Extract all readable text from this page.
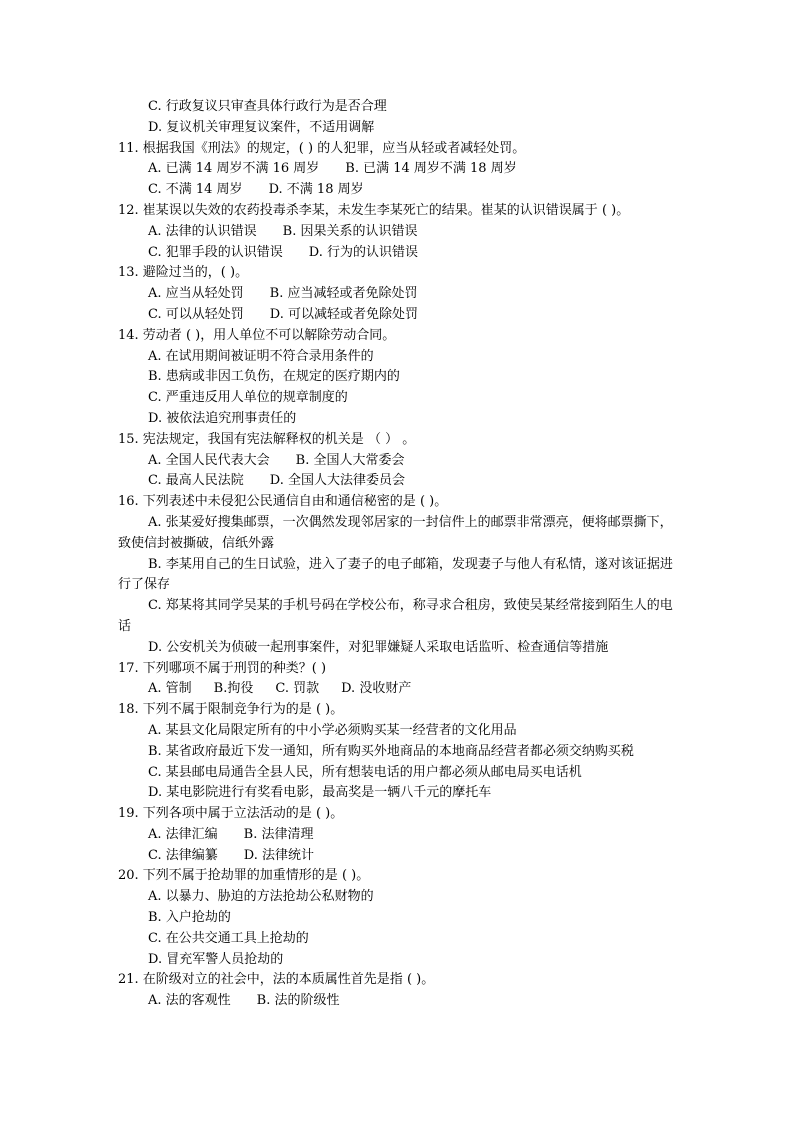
C. 行政复议只审查具体行政行为是否合理
D. 复议机关审理复议案件，不适用调解
11. 根据我国《刑法》的规定，( ) 的人犯罪，应当从轻或者减轻处罚。
A. 已满 14 周岁不满 16 周岁 B. 已满 14 周岁不满 18 周岁
C. 不满 14 周岁 D. 不满 18 周岁
12. 崔某误以失效的农药投毒杀李某，未发生李某死亡的结果。崔某的认识错误属于 ( )。
A. 法律的认识错误 B. 因果关系的认识错误
C. 犯罪手段的认识错误 D. 行为的认识错误
13. 避险过当的，( )。
A. 应当从轻处罚 B. 应当减轻或者免除处罚
C. 可以从轻处罚 D. 可以减轻或者免除处罚
14. 劳动者 ( )，用人单位不可以解除劳动合同。
A. 在试用期间被证明不符合录用条件的
B. 患病或非因工负伤，在规定的医疗期内的
C. 严重违反用人单位的规章制度的
D. 被依法追究刑事责任的
15. 宪法规定，我国有宪法解释权的机关是 （ ） 。
A. 全国人民代表大会 B. 全国人大常委会
C. 最高人民法院 D. 全国人大法律委员会
16. 下列表述中未侵犯公民通信自由和通信秘密的是 ( )。
A. 张某爱好搜集邮票，一次偶然发现邻居家的一封信件上的邮票非常漂亮，便将邮票撕下，致使信封被撕破，信纸外露
B. 李某用自己的生日试验，进入了妻子的电子邮箱，发现妻子与他人有私情，遂对该证据进行了保存
C. 郑某将其同学吴某的手机号码在学校公布，称寻求合租房，致使吴某经常接到陌生人的电话
D. 公安机关为侦破一起刑事案件，对犯罪嫌疑人采取电话监听、检查通信等措施
17. 下列哪项不属于刑罚的种类？( )
A. 管制 B.拘役 C. 罚款 D. 没收财产
18. 下列不属于限制竞争行为的是 ( )。
A. 某县文化局限定所有的中小学必须购买某一经营者的文化用品
B. 某省政府最近下发一通知，所有购买外地商品的本地商品经营者都必须交纳购买税
C. 某县邮电局通告全县人民，所有想装电话的用户都必须从邮电局买电话机
D. 某电影院进行有奖看电影，最高奖是一辆八千元的摩托车
19. 下列各项中属于立法活动的是 ( )。
A. 法律汇编 B. 法律清理
C. 法律编纂 D. 法律统计
20. 下列不属于抢劫罪的加重情形的是 ( )。
A. 以暴力、胁迫的方法抢劫公私财物的
B. 入户抢劫的
C. 在公共交通工具上抢劫的
D. 冒充军警人员抢劫的
21. 在阶级对立的社会中，法的本质属性首先是指 ( )。
A. 法的客观性 B. 法的阶级性
